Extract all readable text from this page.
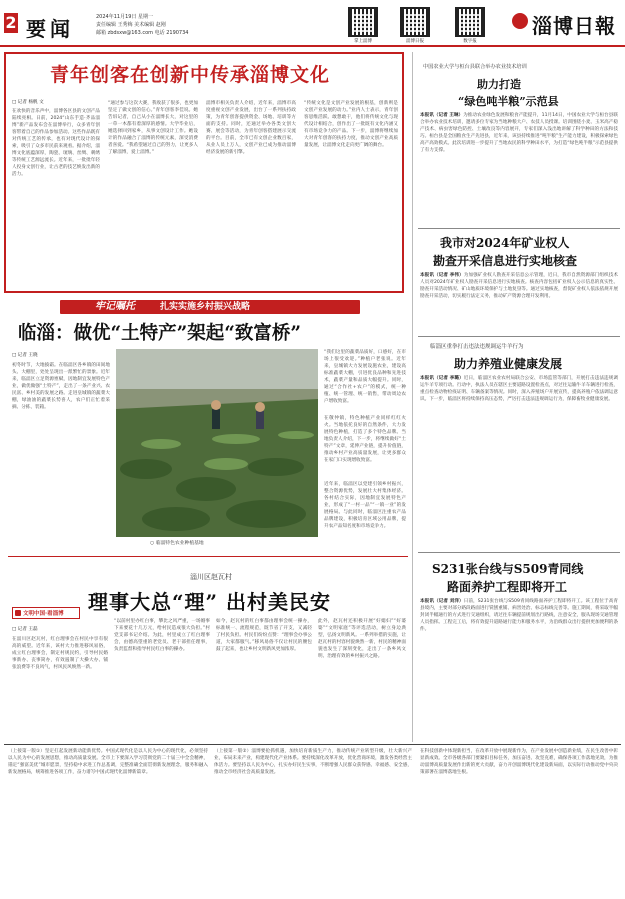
2 要闻	2024年11月19日 星期一
责任编辑 王秀梅 美术编辑 赵刚
邮箱 zbdsxw@163.com 电话 2190734
掌上淄博	淄博日报	数字报
淄博日報
青年创客在创新中传承淄博文化
□ 记者 杨帆 文
在欢快的音乐声中，淄博各区县的文创产品陆续亮相。日前，2024“山东手造·齐品淄博”新产品发布会在淄博举行，众多青年创客带着自己的作品参加活动。这些作品既有对传统工艺的传承，也有对现代设计的探索，吸引了众多市民前来观看。据介绍，淄博文化底蕴深厚，陶瓷、琉璃、丝绸、刺绣等传统工艺源远流长。近年来，一批批年轻人投身文创行业，让古老的技艺焕发出新的活力。
“通过参与这次大赛，我收获了很多，也更加坚定了做文创的信心。”青年创客李佳说。她告诉记者，自己从小在淄博长大，对这里的一草一木都有着深厚的感情。大学毕业后，她选择回到家乡，从事文创设计工作。她设计的作品融合了淄博的传统元素，深受消费者喜爱。“我希望通过自己的努力，让更多人了解淄博，爱上淄博。”
淄博市相关负责人介绍，近年来，淄博市高度重视文创产业发展，出台了一系列扶持政策，为青年创客提供资金、场地、培训等方面的支持。同时，还通过举办各类文创大赛、展会等活动，为青年创客搭建展示交流的平台。目前，全市已有文创企业数百家，从业人员上万人，文创产业已成为推动淄博经济发展的新引擎。
“传统文化是文创产业发展的根基，创新则是文创产业发展的动力。”业内人士表示，青年创客思维活跃、敢想敢干，他们将传统文化与现代设计相结合，创作出了一批既有文化内涵又有市场竞争力的产品。下一步，淄博将继续加大对青年创客的扶持力度，推动文创产业高质量发展，让淄博文化走向更广阔的舞台。
中国农业大学与桓台县联合举办农业技术培训
助力打造
“绿色吨半粮”示范县
本报讯（记者 王琳）为推动农业绿色发展和粮食产能提升，11月14日，中国农业大学与桓台县联合举办农业技术培训，邀请多位专家为当地种粮大户、农技人员授课。培训围绕小麦、玉米高产稳产技术、病虫害绿色防控、土壤改良等内容展开，专家们深入浅出地讲解了科学种田的方法和技巧。桓台县是全国粮食生产先进县，近年来，该县持续推进“吨半粮”生产能力建设，积极探索绿色高产高效模式。此次培训进一步提升了当地农民的科学种田水平，为打造“绿色吨半粮”示范县提供了有力支撑。
我市对2024年矿业权人
勘查开采信息进行实地核查
本报讯（记者 李伟）为加强矿业权人勘查开采信息公示管理，近日，我市自然资源部门组织技术人员对2024年矿业权人勘查开采信息进行实地核查。核查内容包括矿业权人公示信息的真实性、勘查开采活动情况、矿山地质环境保护与土地复垦等。通过实地核查，督促矿业权人依法依规开展勘查开采活动，切实履行法定义务，推动矿产资源合理开发利用。
临淄区重拳打击违法违规调运牛羊行为
助力养殖业健康发展
本报讯（记者 李璐）近日，临淄区农业农村局联合公安、市场监管等部门，开展打击违法违规调运牛羊专项行动。行动中，执法人员在辖区主要道路设置检查点，对过往运输牛羊车辆进行检查，重点检查动物检疫证明、车辆备案等情况。同时，深入养殖场户开展宣传，提高养殖户依法调运意识。下一步，临淄区将持续保持高压态势，严厉打击违法违规调运行为，保障畜牧业健康发展。
S231张台线与S509青同线
路面养护工程即将开工
本报讯（记者 刘洋）日前，S231张台线与S509青同线路面养护工程即将开工。该工程位于高青县境内，主要对部分路段路面进行铣刨重铺、病害处治、标志标线完善等。施工期间，将采取半幅封闭半幅通行的方式进行交通组织，请过往车辆提前规划出行路线，注意安全，服从现场交通管理人员指挥。工程完工后，将有效提升道路通行能力和服务水平，为沿线群众出行提供更加便利的条件。
牢记嘱托	扎实实施乡村振兴战略
临淄：做优“土特产”架起“致富桥”
□ 记者 王晓
初冬时节，大地披霜。在临淄区各乡镇的田间地头、大棚里，处处呈现出一派繁忙的景象。近年来，临淄区立足资源禀赋，因地制宜发展特色产业，做优做强“土特产”，走出了一条产业兴、农民富、乡村美的发展之路。走进皇城镇的蔬菜大棚，绿油油的蔬菜长势喜人，农户们正忙着采摘、分拣、装箱。
○ 临淄特色农业种植基地
“我们这里的蔬菜品质好，口感好，在市场上很受欢迎。”种植户老张说。近年来，皇城镇大力发展设施农业，建设高标准蔬菜大棚，引进优良品种和先进技术，蔬菜产量和品质大幅提升。同时，通过“合作社+农户”的模式，统一种植、统一管理、统一销售，带动周边农户增收致富。
在敬仲镇，特色种植产业同样红红火火。当地依托良好的自然条件，大力发展特色种植，打造了多个特色品牌。当地负责人介绍，下一步，将继续做好“土特产”文章，延伸产业链，提升价值链，推动乡村产业高质量发展，让更多群众在家门口实现增收致富。
近年来，临淄区以党建引领乡村振兴，整合资源优势，发展壮大村集体经济。各村结合实际，因地制宜发展特色产业，形成了“一村一品”“一镇一业”的发展格局。与此同时，临淄区注重农产品品牌建设，积极培育区域公用品牌，提升农产品知名度和市场竞争力。
淄川区赵瓦村
理事大总“理” 出村美民安
文明中国·看淄博
□ 记者 王磊
在淄川区赵瓦村，红白理事会在村民中享有很高的威望。近年来，该村大力推进移风易俗，成立红白理事会，制定村规民约，引导村民婚事新办、丧事简办，有效遏制了大操大办、铺张浪费等不良风气，村风民风焕然一新。
“以前村里办红白事，攀比之风严重，一场婚事下来要花十几万元，给村民造成很大负担。”村党支部书记介绍。为此，村里成立了红白理事会，由德高望重的老党员、老干部担任理事，负责监督和指导村民红白事的操办。
如今，赵瓦村的红白事都由理事会统一操办，标准统一、流程规范，既节省了开支，又减轻了村民负担。村民们纷纷点赞：“理事会办事公道，大家都服气。”移风易俗不仅让村民的腰包鼓了起来，也让乡村文明新风更加浓厚。
此外，赵瓦村还积极开展“好媳妇”“好婆婆”“文明家庭”等评选活动，树立身边典型，弘扬文明新风。一系列举措的实施，让赵瓦村的村容村貌焕然一新，村民的精神面貌也发生了深刻变化，走出了一条乡风文明、治理有效的乡村振兴之路。
（上接第一版①）坚定扛起发展新动能新优势。中国式现代化是以人民为中心的现代化，必须坚持以人民为中心的发展思想，推动高质量发展。全市上下要深入学习贯彻党的二十届三中全会精神，锚定“强富美优”城市愿景，坚持稳中求进工作总基调，完整准确全面贯彻新发展理念，服务和融入新发展格局，统筹推进各项工作，奋力谱写中国式现代化淄博新篇章。
（上接第一版②）淄博要抢抓机遇，加快培育新质生产力，推动传统产业转型升级，壮大新兴产业，布局未来产业，构建现代化产业体系。要持续深化改革开放，优化营商环境，激发各类经营主体活力。要坚持以人民为中心，扎实办好民生实事，不断增强人民群众获得感、幸福感、安全感，推动全市经济社会高质量发展。
在科技创新中体现新担当，在改革开放中展现新作为，在产业发展中创造新业绩，在民生改善中彰显新成效。全市各级各部门要紧扣目标任务，加压奋进、攻坚克难，确保各项工作落地见效，为推动淄博高质量发展作出新的更大贡献，奋力开创淄博现代化建设新局面，以实际行动推动党中央决策部署在淄博落地生根。
